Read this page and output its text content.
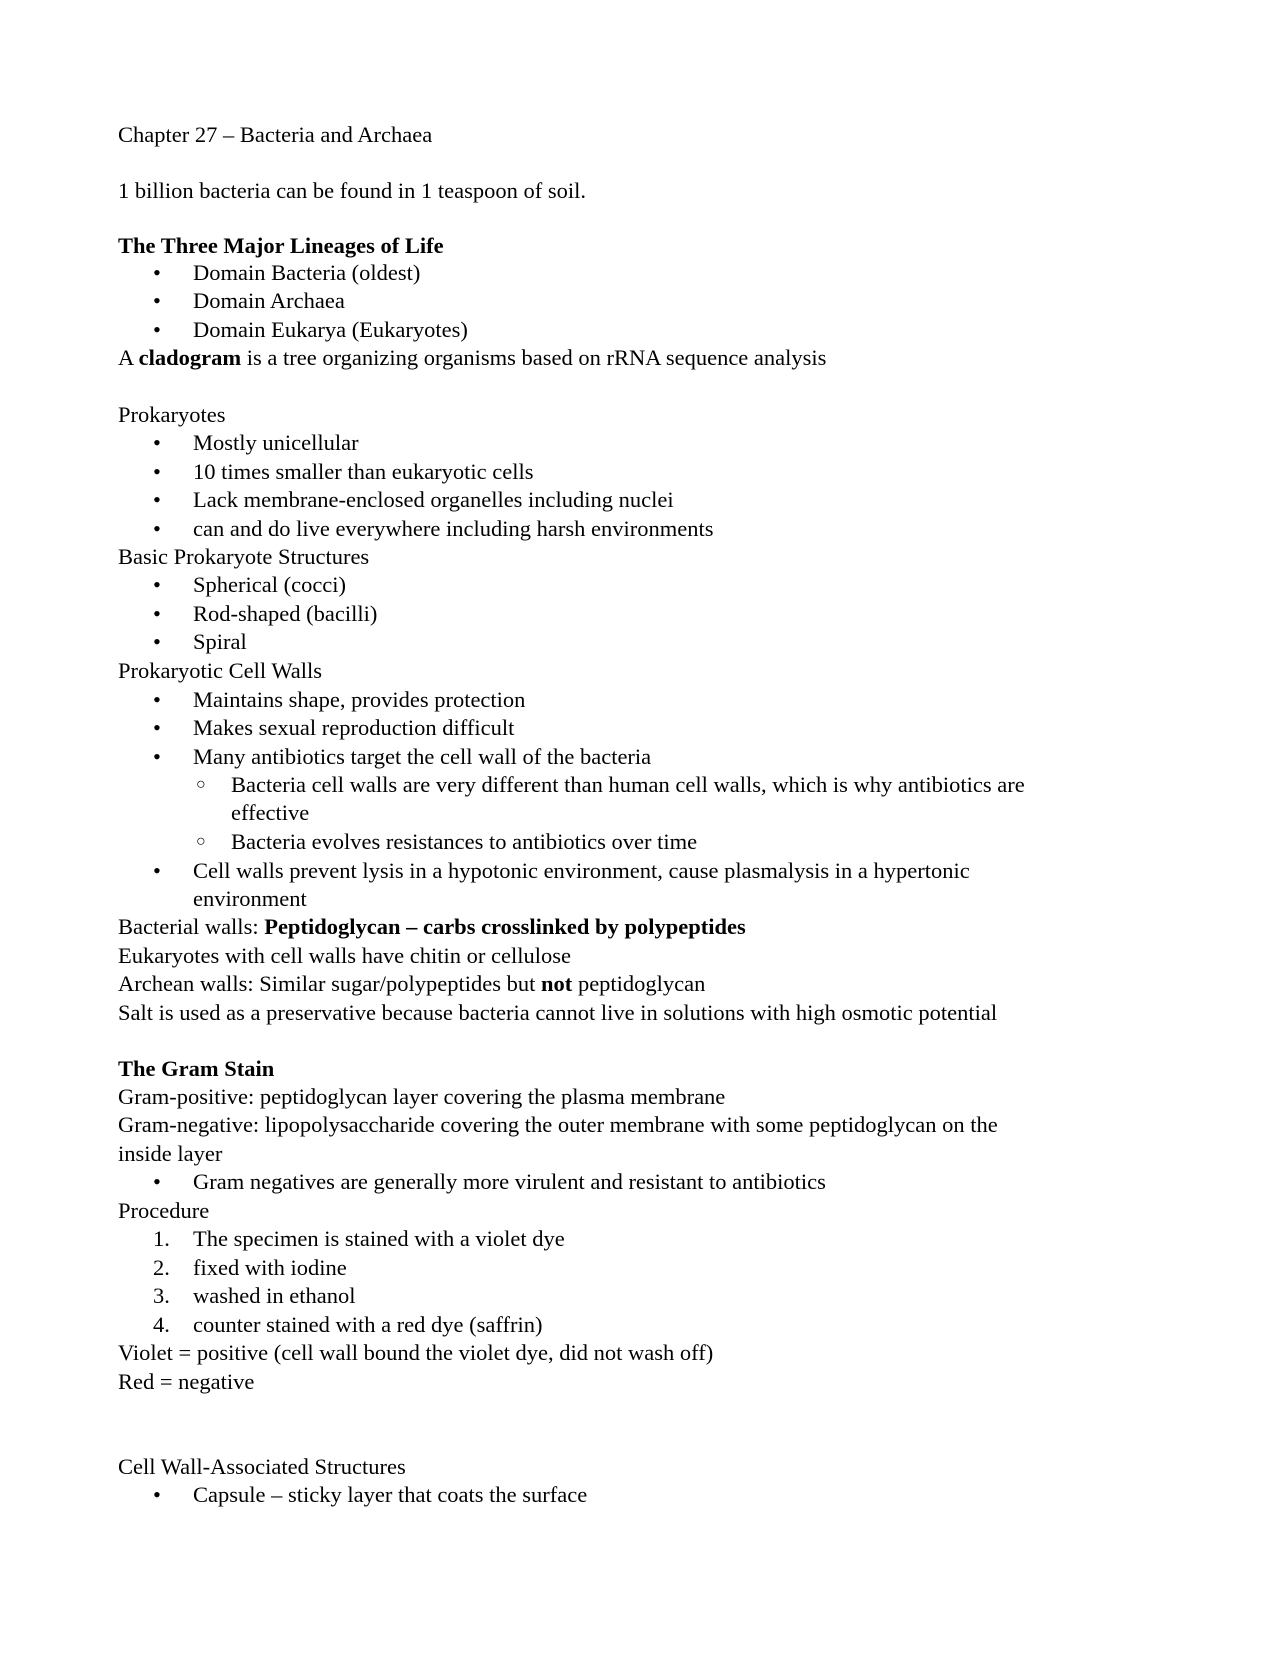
Chapter 27 – Bacteria and Archaea
1 billion bacteria can be found in 1 teaspoon of soil.
The Three Major Lineages of Life
• Domain Bacteria (oldest)
• Domain Archaea
• Domain Eukarya (Eukaryotes)
A cladogram is a tree organizing organisms based on rRNA sequence analysis
Prokaryotes
• Mostly unicellular
• 10 times smaller than eukaryotic cells
• Lack membrane-enclosed organelles including nuclei
• can and do live everywhere including harsh environments
Basic Prokaryote Structures
• Spherical (cocci)
• Rod-shaped (bacilli)
• Spiral
Prokaryotic Cell Walls
• Maintains shape, provides protection
• Makes sexual reproduction difficult
• Many antibiotics target the cell wall of the bacteria
○ Bacteria cell walls are very different than human cell walls, which is why antibiotics are
effective
○ Bacteria evolves resistances to antibiotics over time
• Cell walls prevent lysis in a hypotonic environment, cause plasmalysis in a hypertonic
environment
Bacterial walls: Peptidoglycan – carbs crosslinked by polypeptides
Eukaryotes with cell walls have chitin or cellulose
Archean walls: Similar sugar/polypeptides but not peptidoglycan
Salt is used as a preservative because bacteria cannot live in solutions with high osmotic potential
The Gram Stain
Gram-positive: peptidoglycan layer covering the plasma membrane
Gram-negative: lipopolysaccharide covering the outer membrane with some peptidoglycan on the
inside layer
• Gram negatives are generally more virulent and resistant to antibiotics
Procedure
1. The specimen is stained with a violet dye
2. fixed with iodine
3. washed in ethanol
4. counter stained with a red dye (saffrin)
Violet = positive (cell wall bound the violet dye, did not wash off)
Red = negative
Cell Wall-Associated Structures
• Capsule – sticky layer that coats the surface
